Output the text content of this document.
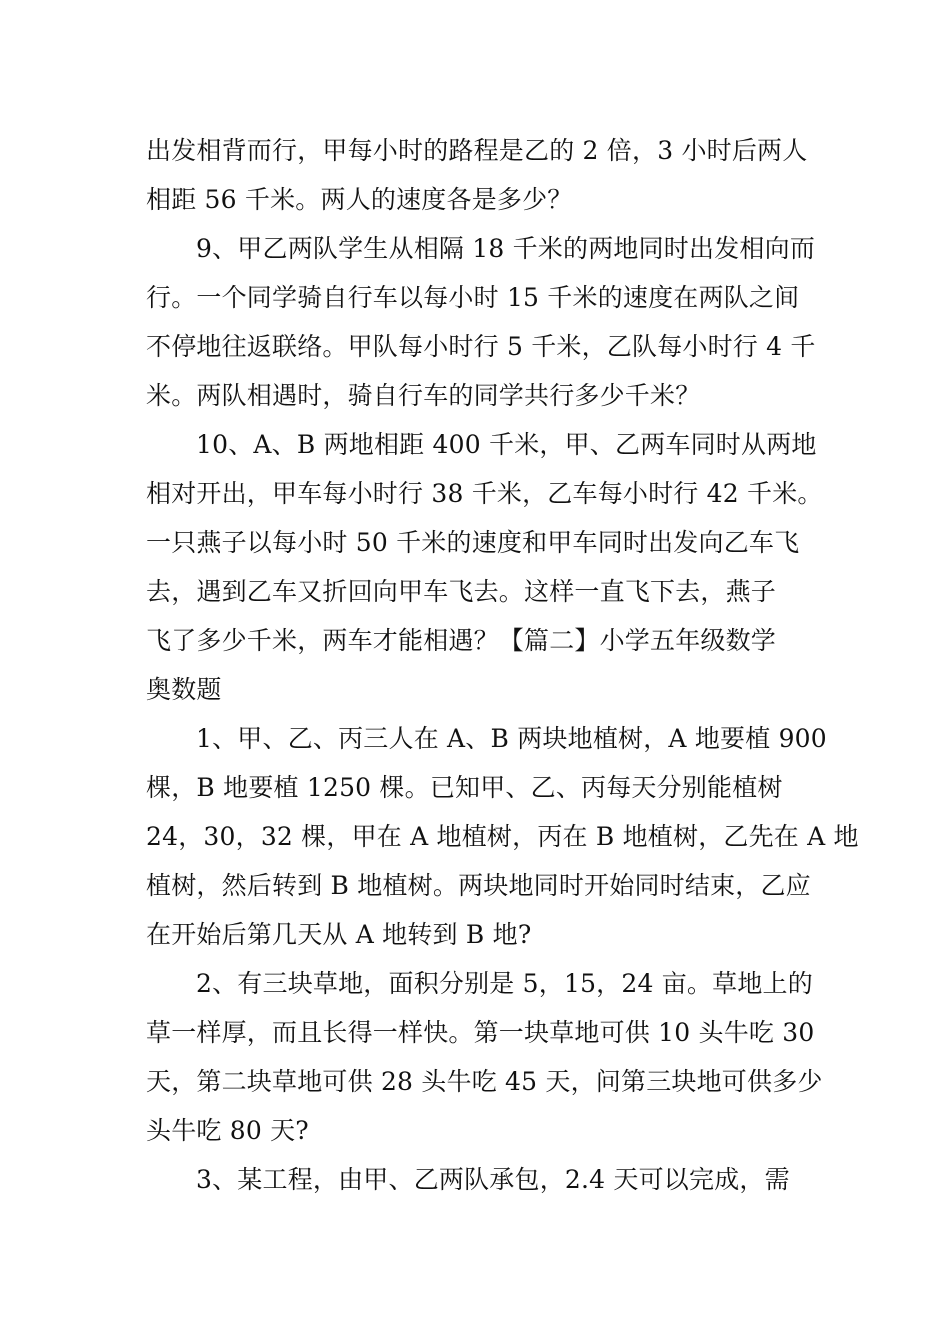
出发相背而行，甲每小时的路程是乙的 2 倍，3 小时后两人
相距 56 千米。两人的速度各是多少？
9、甲乙两队学生从相隔 18 千米的两地同时出发相向而
行。一个同学骑自行车以每小时 15 千米的速度在两队之间
不停地往返联络。甲队每小时行 5 千米，乙队每小时行 4 千
米。两队相遇时，骑自行车的同学共行多少千米？
10、A、B 两地相距 400 千米，甲、乙两车同时从两地
相对开出，甲车每小时行 38 千米，乙车每小时行 42 千米。
一只燕子以每小时 50 千米的速度和甲车同时出发向乙车飞
去，遇到乙车又折回向甲车飞去。这样一直飞下去，燕子
飞了多少千米，两车才能相遇？【篇二】小学五年级数学
奥数题
1、甲、乙、丙三人在 A、B 两块地植树，A 地要植 900
棵，B 地要植 1250 棵。已知甲、乙、丙每天分别能植树
24，30，32 棵，甲在 A 地植树，丙在 B 地植树，乙先在 A 地
植树，然后转到 B 地植树。两块地同时开始同时结束，乙应
在开始后第几天从 A 地转到 B 地?
2、有三块草地，面积分别是 5，15，24 亩。草地上的
草一样厚，而且长得一样快。第一块草地可供 10 头牛吃 30
天，第二块草地可供 28 头牛吃 45 天，问第三块地可供多少
头牛吃 80 天?
3、某工程，由甲、乙两队承包，2.4 天可以完成，需
